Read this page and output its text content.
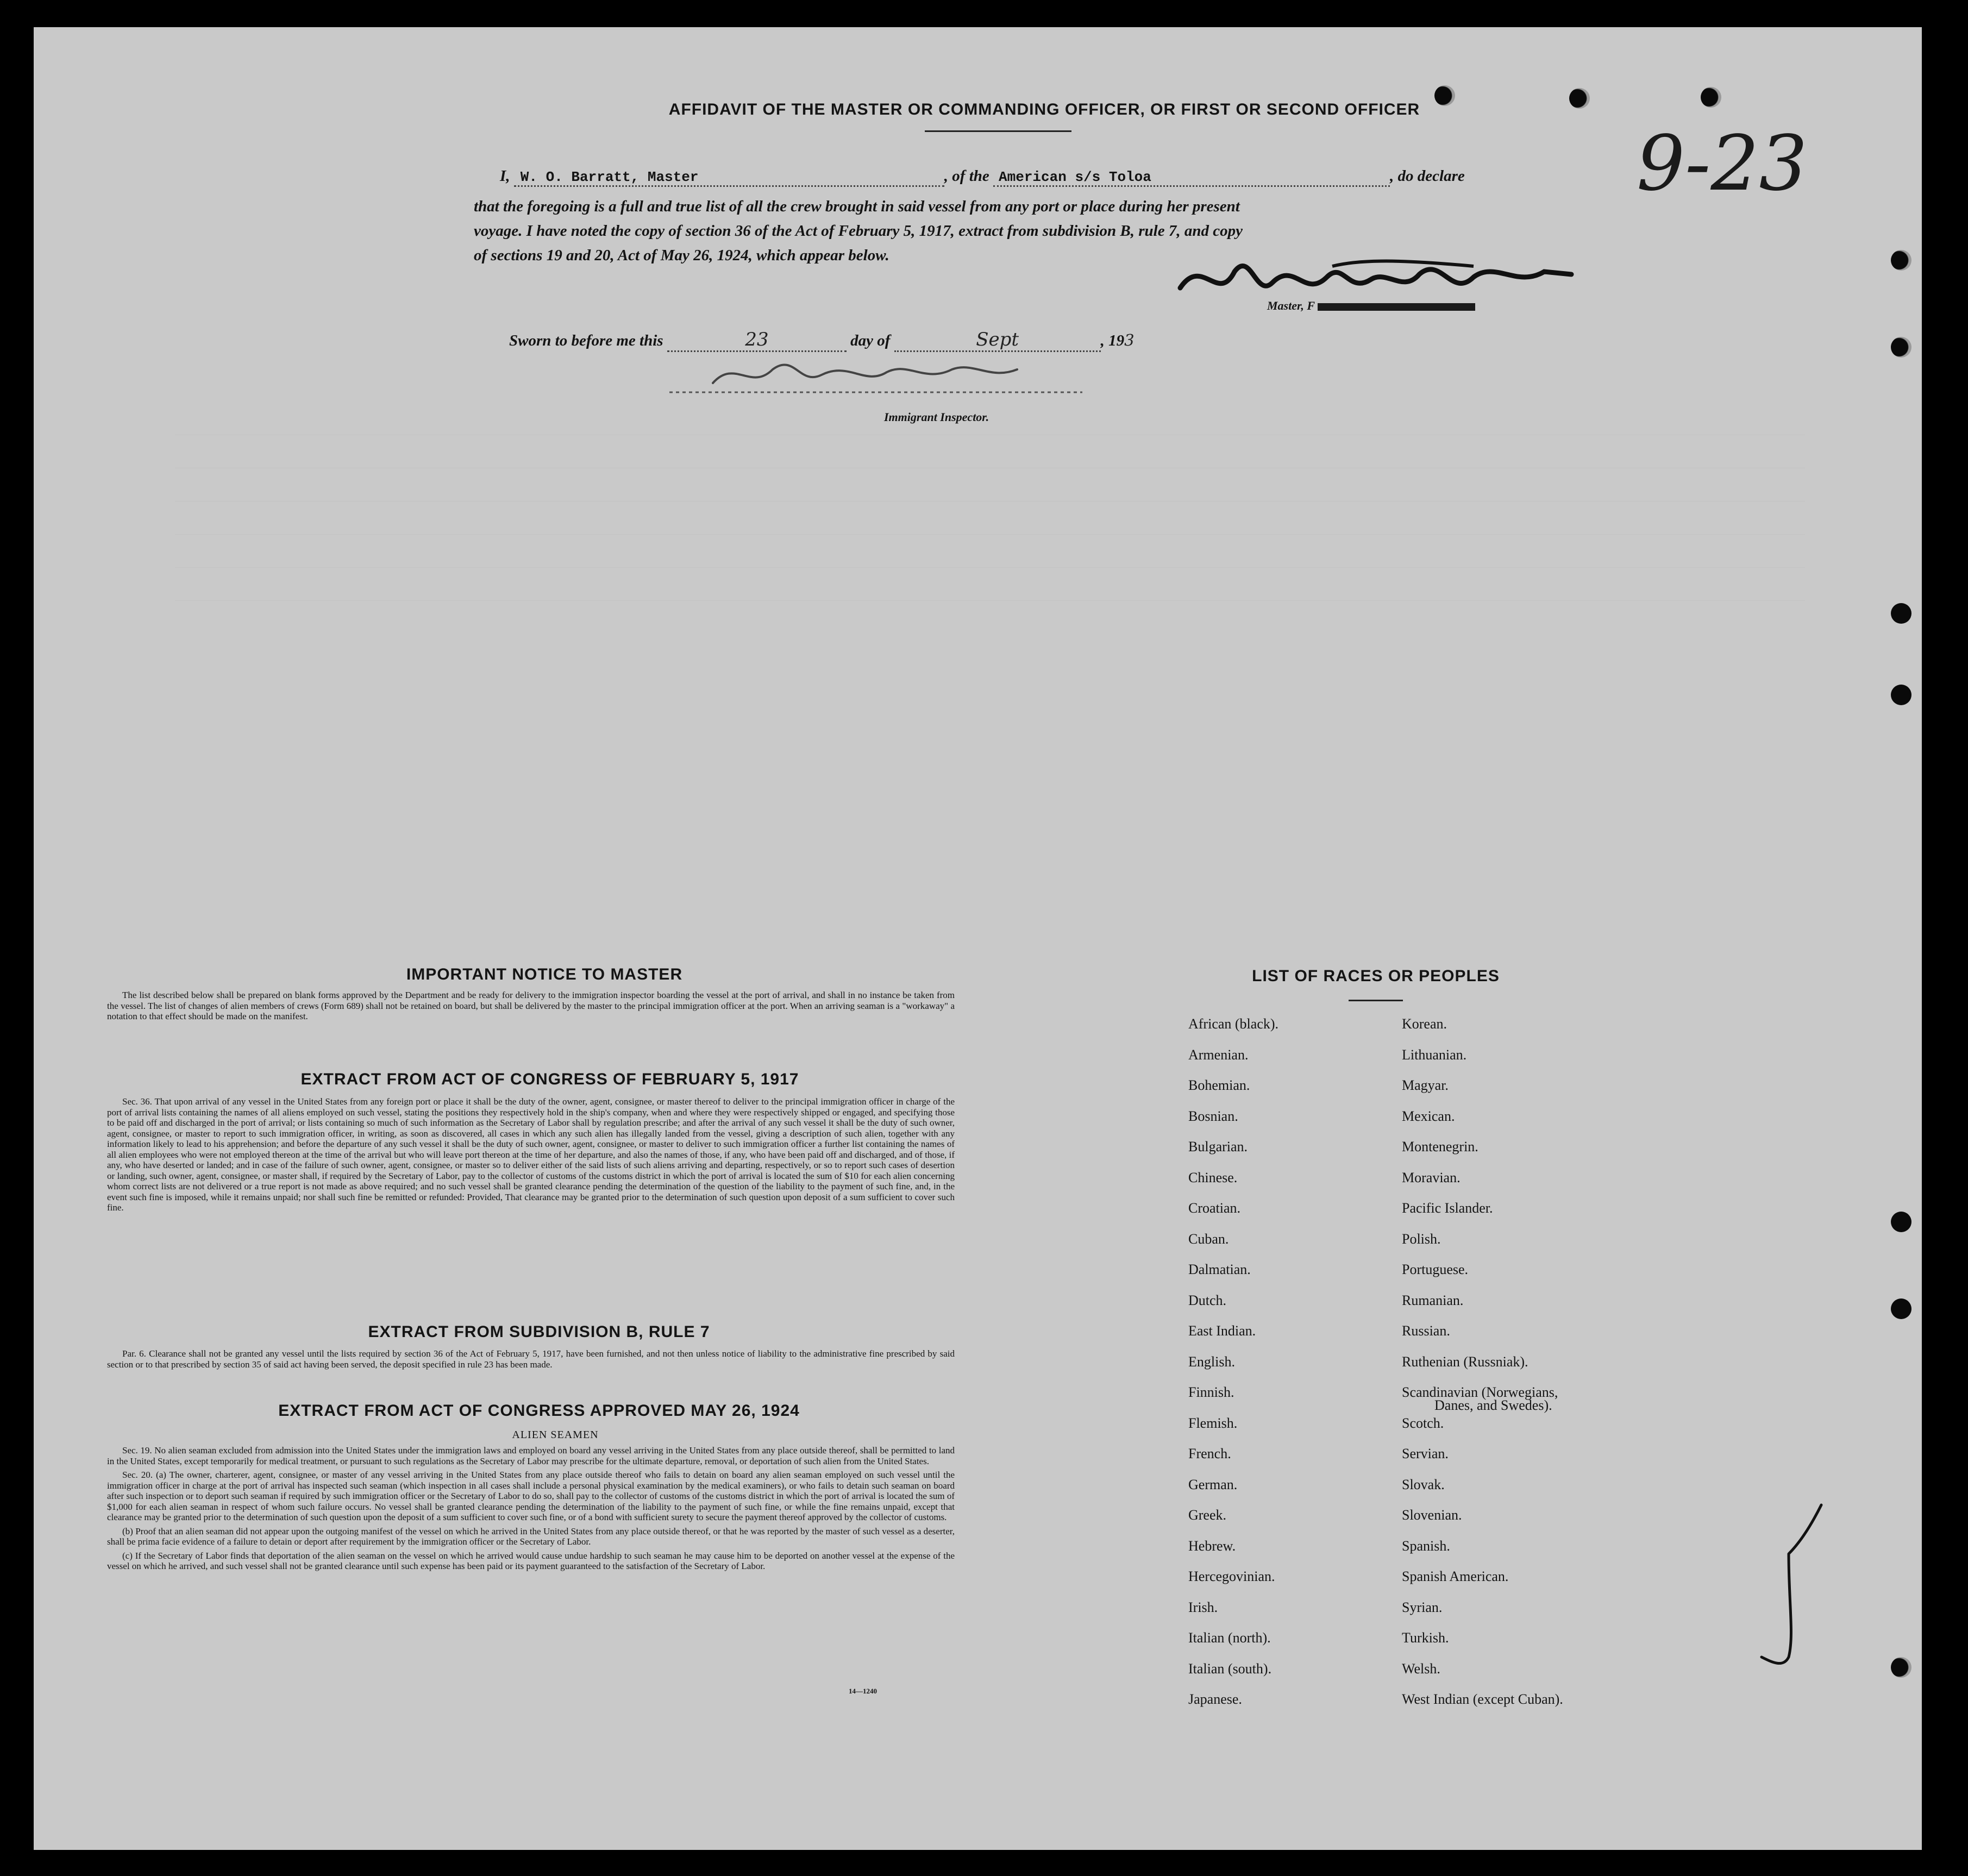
AFFIDAVIT OF THE MASTER OR COMMANDING OFFICER, OR FIRST OR SECOND OFFICER
I, W. O. Barratt, Master	, of the American s/s Toloa	, do declare
that the foregoing is a full and true list of all the crew brought in said vessel from any port or place during her present
voyage. I have noted the copy of section 36 of the Act of February 5, 1917, extract from subdivision B, rule 7, and copy
of sections 19 and 20, Act of May 26, 1924, which appear below.
Master, F
Sworn to before me this	23	day of	Sept	, 193
Immigrant Inspector.
9-23
IMPORTANT NOTICE TO MASTER

The list described below shall be prepared on blank forms approved by the Department and be ready for delivery to the immigration inspector boarding the vessel at the port of arrival, and shall in no instance be taken from the vessel. The list of changes of alien members of crews (Form 689) shall not be retained on board, but shall be delivered by the master to the principal immigration officer at the port. When an arriving seaman is a "workaway" a notation to that effect should be made on the manifest.

EXTRACT FROM ACT OF CONGRESS OF FEBRUARY 5, 1917

Sec. 36. That upon arrival of any vessel in the United States from any foreign port or place it shall be the duty of the owner, agent, consignee, or master thereof to deliver to the principal immigration officer in charge of the port of arrival lists containing the names of all aliens employed on such vessel, stating the positions they respectively hold in the ship's company, when and where they were respectively shipped or engaged, and specifying those to be paid off and discharged in the port of arrival; or lists containing so much of such information as the Secretary of Labor shall by regulation prescribe; and after the arrival of any such vessel it shall be the duty of such owner, agent, consignee, or master to report to such immigration officer, in writing, as soon as discovered, all cases in which any such alien has illegally landed from the vessel, giving a description of such alien, together with any information likely to lead to his apprehension; and before the departure of any such vessel it shall be the duty of such owner, agent, consignee, or master to deliver to such immigration officer a further list containing the names of all alien employees who were not employed thereon at the time of the arrival but who will leave port thereon at the time of her departure, and also the names of those, if any, who have been paid off and discharged, and of those, if any, who have deserted or landed; and in case of the failure of such owner, agent, consignee, or master so to deliver either of the said lists of such aliens arriving and departing, respectively, or so to report such cases of desertion or landing, such owner, agent, consignee, or master shall, if required by the Secretary of Labor, pay to the collector of customs of the customs district in which the port of arrival is located the sum of $10 for each alien concerning whom correct lists are not delivered or a true report is not made as above required; and no such vessel shall be granted clearance pending the determination of the question of the liability to the payment of such fine, and, in the event such fine is imposed, while it remains unpaid; nor shall such fine be remitted or refunded: Provided, That clearance may be granted prior to the determination of such question upon deposit of a sum sufficient to cover such fine.

EXTRACT FROM SUBDIVISION B, RULE 7

Par. 6. Clearance shall not be granted any vessel until the lists required by section 36 of the Act of February 5, 1917, have been furnished, and not then unless notice of liability to the administrative fine prescribed by said section or to that prescribed by section 35 of said act having been served, the deposit specified in rule 23 has been made.

EXTRACT FROM ACT OF CONGRESS APPROVED MAY 26, 1924
ALIEN SEAMEN

Sec. 19. No alien seaman excluded from admission into the United States under the immigration laws and employed on board any vessel arriving in the United States from any place outside thereof, shall be permitted to land in the United States, except temporarily for medical treatment, or pursuant to such regulations as the Secretary of Labor may prescribe for the ultimate departure, removal, or deportation of such alien from the United States.

Sec. 20. (a) The owner, charterer, agent, consignee, or master of any vessel arriving in the United States from any place outside thereof who fails to detain on board any alien seaman employed on such vessel until the immigration officer in charge at the port of arrival has inspected such seaman (which inspection in all cases shall include a personal physical examination by the medical examiners), or who fails to detain such seaman on board after such inspection or to deport such seaman if required by such immigration officer or the Secretary of Labor to do so, shall pay to the collector of customs of the customs district in which the port of arrival is located the sum of $1,000 for each alien seaman in respect of whom such failure occurs. No vessel shall be granted clearance pending the determination of the liability to the payment of such fine, or while the fine remains unpaid, except that clearance may be granted prior to the determination of such question upon the deposit of a sum sufficient to cover such fine, or of a bond with sufficient surety to secure the payment thereof approved by the collector of customs.

(b) Proof that an alien seaman did not appear upon the outgoing manifest of the vessel on which he arrived in the United States from any place outside thereof, or that he was reported by the master of such vessel as a deserter, shall be prima facie evidence of a failure to detain or deport after requirement by the immigration officer or the Secretary of Labor.

(c) If the Secretary of Labor finds that deportation of the alien seaman on the vessel on which he arrived would cause undue hardship to such seaman he may cause him to be deported on another vessel at the expense of the vessel on which he arrived, and such vessel shall not be granted clearance until such expense has been paid or its payment guaranteed to the satisfaction of the Secretary of Labor.

14—1240
LIST OF RACES OR PEOPLES
African (black).
Armenian.
Bohemian.
Bosnian.
Bulgarian.
Chinese.
Croatian.
Cuban.
Dalmatian.
Dutch.
East Indian.
English.
Finnish.
Flemish.
French.
German.
Greek.
Hebrew.
Hercegovinian.
Irish.
Italian (north).
Italian (south).
Japanese.
Korean.
Lithuanian.
Magyar.
Mexican.
Montenegrin.
Moravian.
Pacific Islander.
Polish.
Portuguese.
Rumanian.
Russian.
Ruthenian (Russniak).
Scandinavian (Norwegians,
Danes, and Swedes).
Scotch.
Servian.
Slovak.
Slovenian.
Spanish.
Spanish American.
Syrian.
Turkish.
Welsh.
West Indian (except Cuban).
